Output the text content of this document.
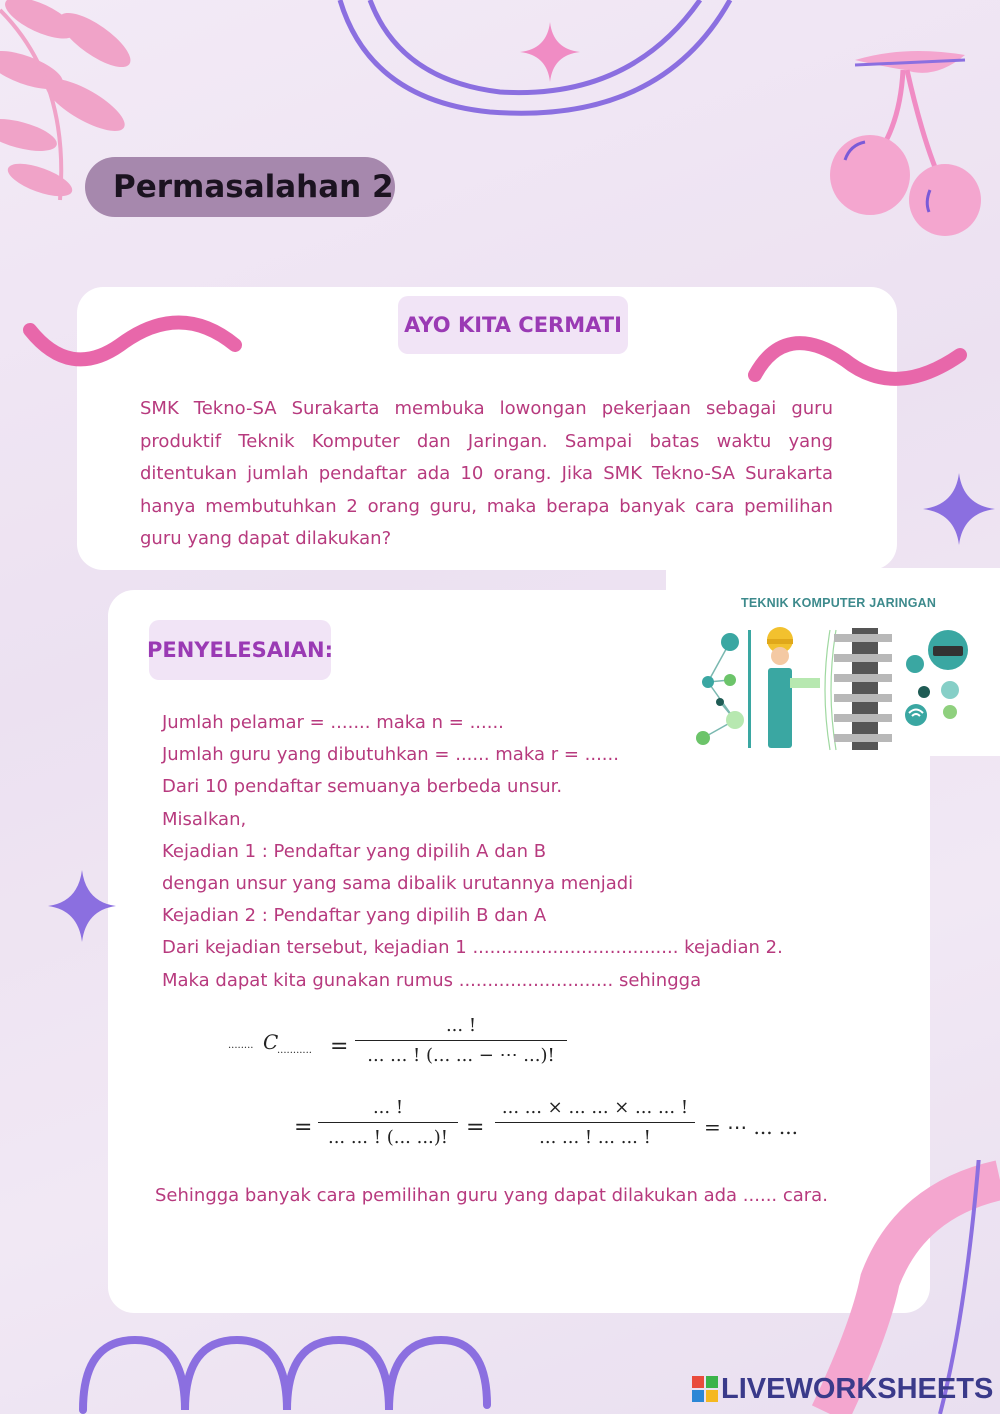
Permasalahan 2
AYO KITA CERMATI
SMK Tekno-SA Surakarta membuka lowongan pekerjaan sebagai guru produktif Teknik Komputer dan Jaringan. Sampai batas waktu yang ditentukan jumlah pendaftar ada 10 orang. Jika SMK Tekno-SA Surakarta hanya membutuhkan 2 orang guru, maka berapa banyak cara pemilihan guru yang dapat dilakukan?
TEKNIK KOMPUTER JARINGAN
PENYELESAIAN:
Jumlah pelamar = ....... maka n = ......
Jumlah guru yang dibutuhkan = ...... maka r = ......
Dari 10 pendaftar semuanya berbeda unsur.
Misalkan,
Kejadian 1 : Pendaftar yang dipilih A dan B
dengan unsur yang sama dibalik urutannya menjadi
Kejadian 2 : Pendaftar yang dipilih B dan A
Dari kejadian tersebut, kejadian 1 .................................... kejadian 2.
Maka dapat kita gunakan rumus ........................... sehingga
........ C
........... =
... !
... ... ! (... ... − ⋯ ...)!
=
... !
... ... ! (... ...)! =
... ... × ... ... × ... ... !
... ... ! ... ... !	= ⋯ ... ...
Sehingga banyak cara pemilihan guru yang dapat dilakukan ada ...... cara.
LIVEWORKSHEETS
